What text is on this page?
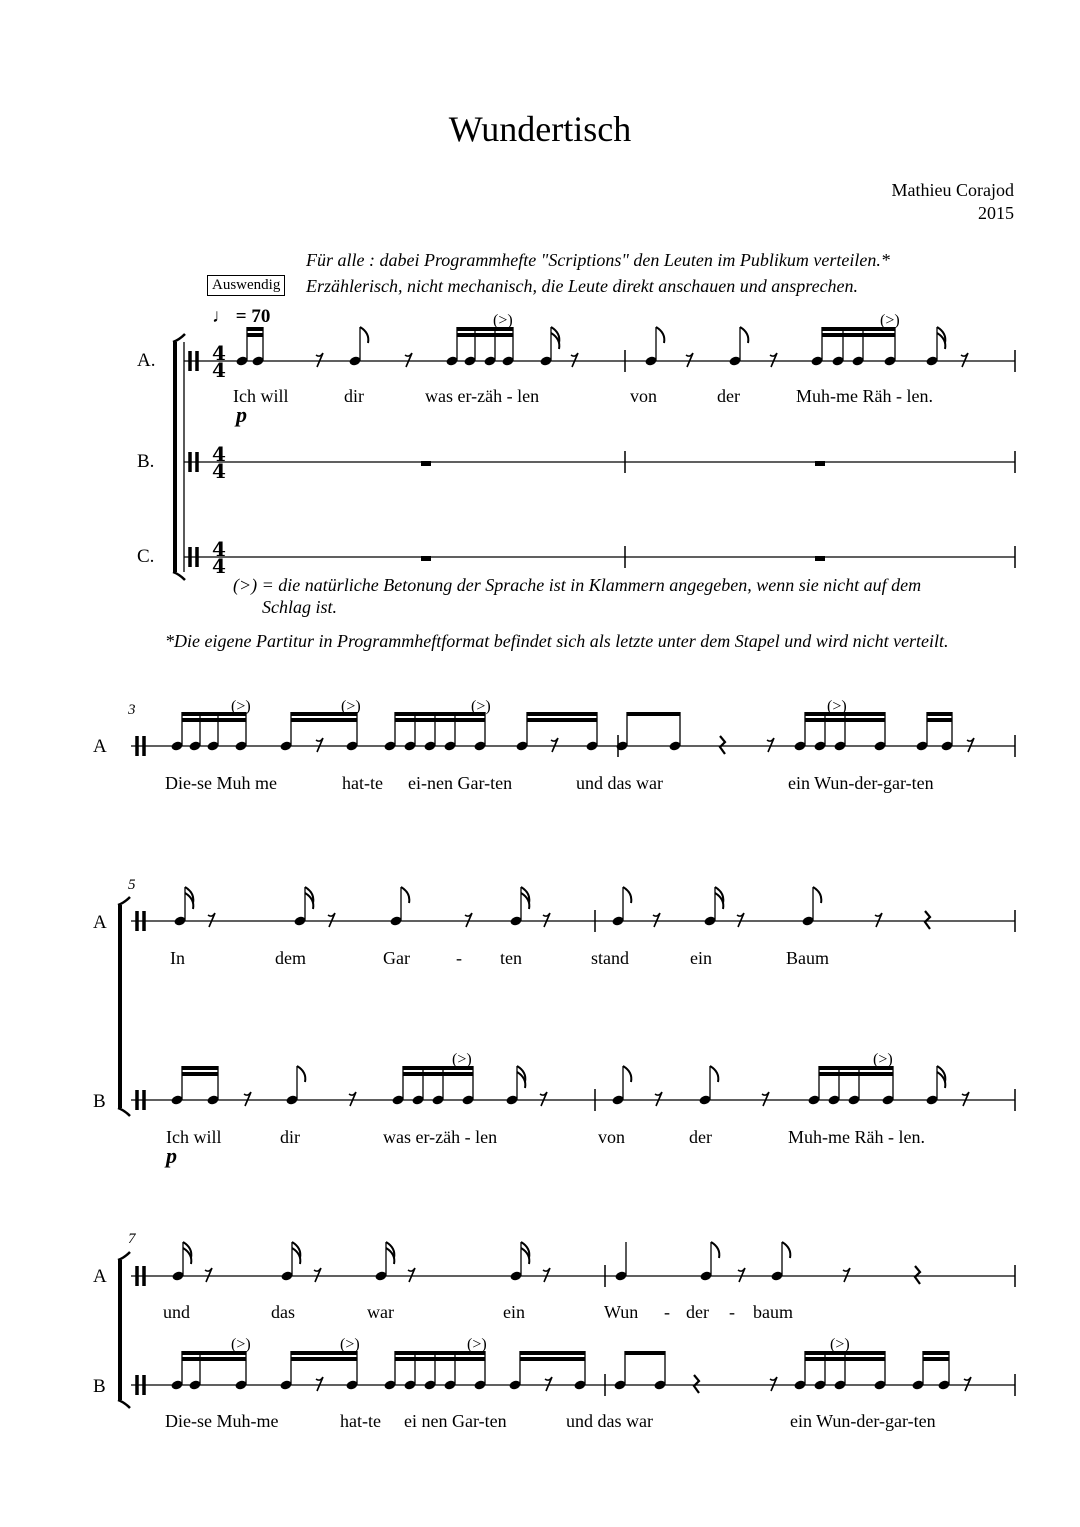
4
4
4
4
4
4
Wundertisch
Mathieu Corajod
2015
Für alle : dabei Programmhefte "Scriptions" den Leuten im Publikum verteilen.*
Auswendig Erzählerisch, nicht mechanisch, die Leute direkt anschauen und ansprechen.
♩ = 70
A.
B.
C.
(>)	(>)
Ich will	dir	was er-zäh - len	von	der	Muh-me Räh - len.
p
(>) = die natürliche Betonung der Sprache ist in Klammern angegeben, wenn sie nicht auf dem
Schlag ist.
*Die eigene Partitur in Programmheftformat befindet sich als letzte unter dem Stapel und wird nicht verteilt.
3
A
(>)	(>)	(>)	(>)
Die-se Muh me	hat-te ei-nen Gar-ten	und das war	ein Wun-der-gar-ten
5
A
B
In	dem	Gar	- ten	stand	ein	Baum
(>)	(>)
Ich will	dir	was er-zäh - len	von	der	Muh-me Räh - len.
p
7
A
B
und	das	war	ein	Wun - der - baum
(>)	(>)	(>)	(>)
Die-se Muh-me	hat-te ei nen Gar-ten	und das war	ein Wun-der-gar-ten
